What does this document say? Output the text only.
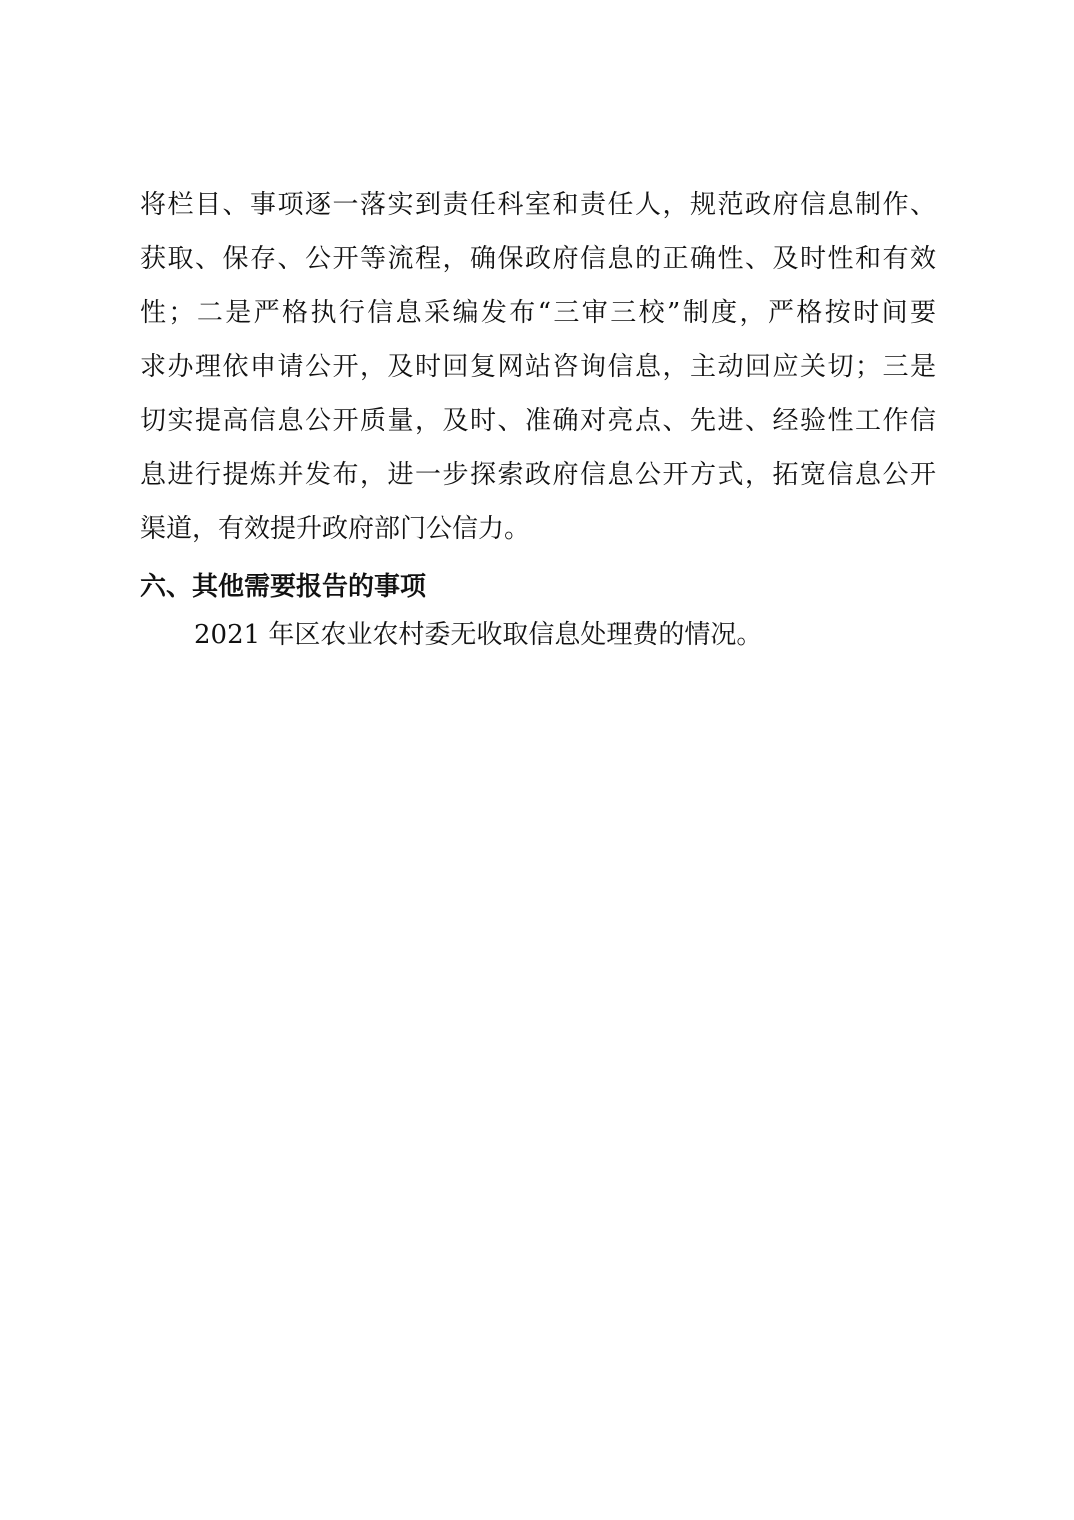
将栏目、事项逐一落实到责任科室和责任人，规范政府信息制作、
获取、保存、公开等流程，确保政府信息的正确性、及时性和有效
性；二是严格执行信息采编发布“三审三校”制度，严格按时间要
求办理依申请公开，及时回复网站咨询信息，主动回应关切；三是
切实提高信息公开质量，及时、准确对亮点、先进、经验性工作信
息进行提炼并发布，进一步探索政府信息公开方式，拓宽信息公开
渠道，有效提升政府部门公信力。
六、其他需要报告的事项
2021 年区农业农村委无收取信息处理费的情况。
